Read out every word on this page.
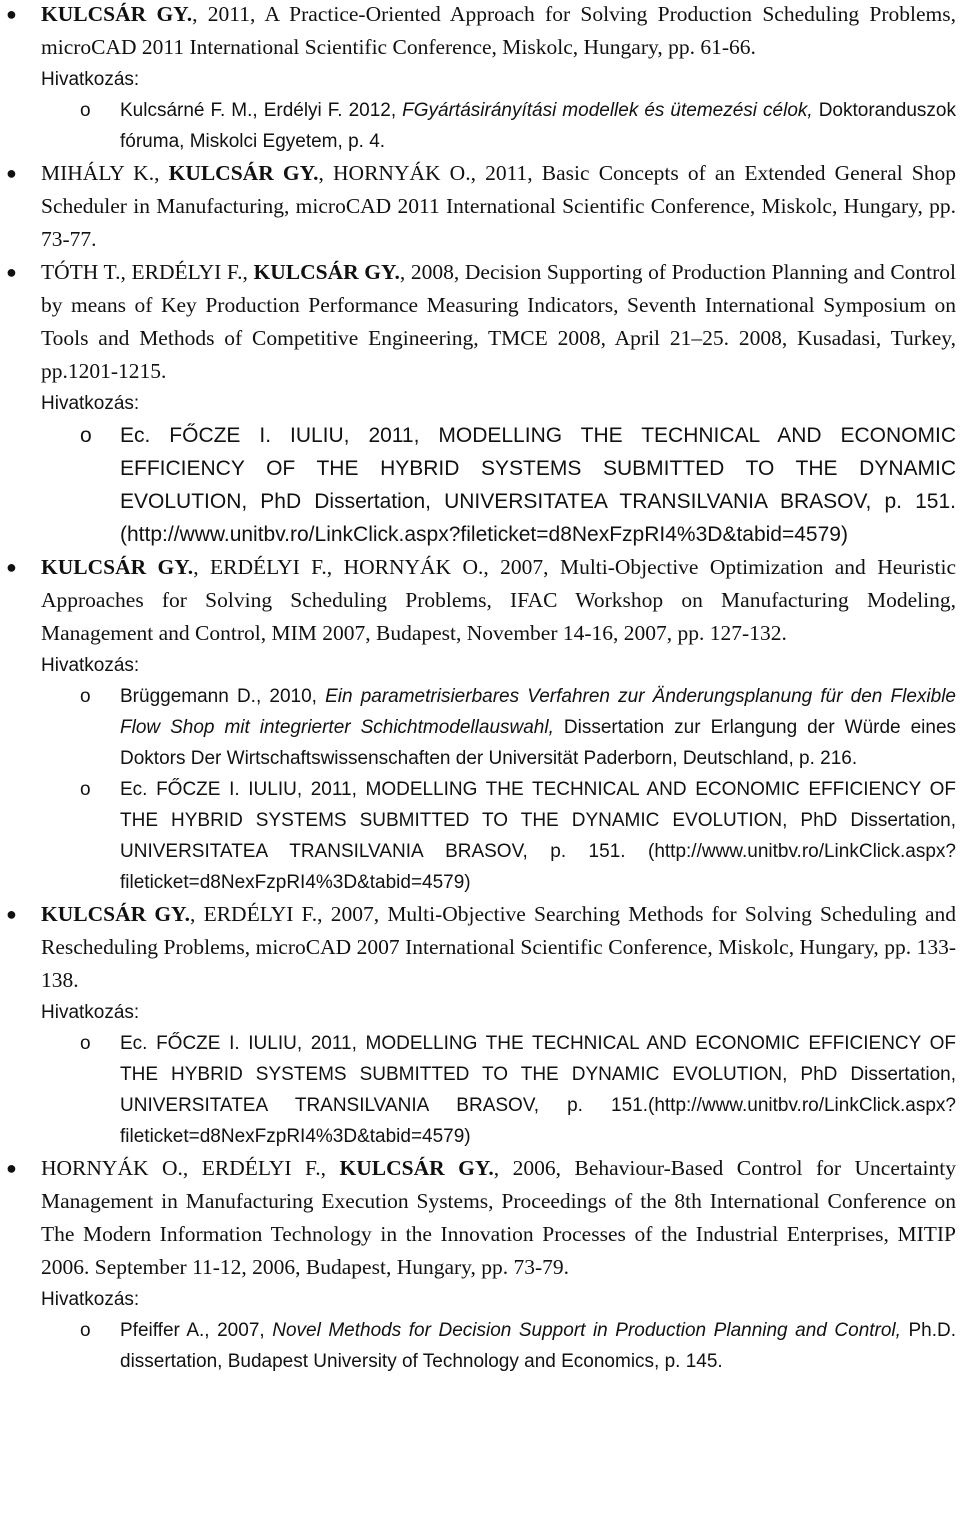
● KULCSÁR GY., 2011, A Practice-Oriented Approach for Solving Production Scheduling Problems, microCAD 2011 International Scientific Conference, Miskolc, Hungary, pp. 61-66.
Hivatkozás:
o Kulcsárné F. M., Erdélyi F. 2012, FGyártásirányítási modellek és ütemezési célok, Doktoranduszok fóruma, Miskolci Egyetem, p. 4.
● MIHÁLY K., KULCSÁR GY., HORNYÁK O., 2011, Basic Concepts of an Extended General Shop Scheduler in Manufacturing, microCAD 2011 International Scientific Conference, Miskolc, Hungary, pp. 73-77.
● TÓTH T., ERDÉLYI F., KULCSÁR GY., 2008, Decision Supporting of Production Planning and Control by means of Key Production Performance Measuring Indicators, Seventh International Symposium on Tools and Methods of Competitive Engineering, TMCE 2008, April 21–25. 2008, Kusadasi, Turkey, pp.1201-1215.
Hivatkozás:
o Ec. FŐCZE I. IULIU, 2011, MODELLING THE TECHNICAL AND ECONOMIC EFFICIENCY OF THE HYBRID SYSTEMS SUBMITTED TO THE DYNAMIC EVOLUTION, PhD Dissertation, UNIVERSITATEA TRANSILVANIA BRASOV, p. 151. (http://www.unitbv.ro/LinkClick.aspx?fileticket=d8NexFzpRI4%3D&tabid=4579)
● KULCSÁR GY., ERDÉLYI F., HORNYÁK O., 2007, Multi-Objective Optimization and Heuristic Approaches for Solving Scheduling Problems, IFAC Workshop on Manufacturing Modeling, Management and Control, MIM 2007, Budapest, November 14-16, 2007, pp. 127-132.
Hivatkozás:
o Brüggemann D., 2010, Ein parametrisierbares Verfahren zur Änderungsplanung für den Flexible Flow Shop mit integrierter Schichtmodellauswahl, Dissertation zur Erlangung der Würde eines Doktors Der Wirtschaftswissenschaften der Universität Paderborn, Deutschland, p. 216.
o Ec. FŐCZE I. IULIU, 2011, MODELLING THE TECHNICAL AND ECONOMIC EFFICIENCY OF THE HYBRID SYSTEMS SUBMITTED TO THE DYNAMIC EVOLUTION, PhD Dissertation, UNIVERSITATEA TRANSILVANIA BRASOV, p. 151. (http://www.unitbv.ro/LinkClick.aspx?fileticket=d8NexFzpRI4%3D&tabid=4579)
● KULCSÁR GY., ERDÉLYI F., 2007, Multi-Objective Searching Methods for Solving Scheduling and Rescheduling Problems, microCAD 2007 International Scientific Conference, Miskolc, Hungary, pp. 133-138.
Hivatkozás:
o Ec. FŐCZE I. IULIU, 2011, MODELLING THE TECHNICAL AND ECONOMIC EFFICIENCY OF THE HYBRID SYSTEMS SUBMITTED TO THE DYNAMIC EVOLUTION, PhD Dissertation, UNIVERSITATEA TRANSILVANIA BRASOV, p. 151.(http://www.unitbv.ro/LinkClick.aspx?fileticket=d8NexFzpRI4%3D&tabid=4579)
● HORNYÁK O., ERDÉLYI F., KULCSÁR GY., 2006, Behaviour-Based Control for Uncertainty Management in Manufacturing Execution Systems, Proceedings of the 8th International Conference on The Modern Information Technology in the Innovation Processes of the Industrial Enterprises, MITIP 2006. September 11-12, 2006, Budapest, Hungary, pp. 73-79.
Hivatkozás:
o Pfeiffer A., 2007, Novel Methods for Decision Support in Production Planning and Control, Ph.D. dissertation, Budapest University of Technology and Economics, p. 145.
